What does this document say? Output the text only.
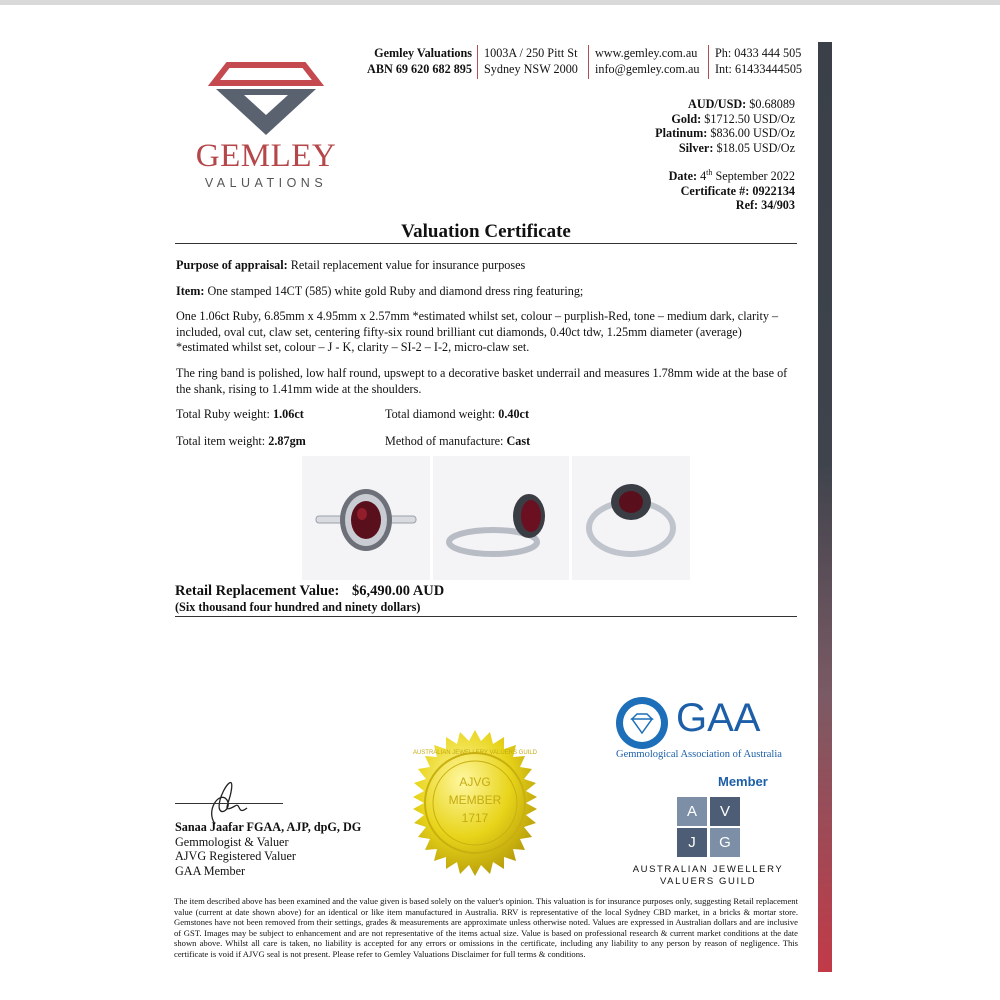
GEMLEY
VALUATIONS
Gemley Valuations
ABN 69 620 682 895
1003A / 250 Pitt St
Sydney NSW 2000
www.gemley.com.au
info@gemley.com.au
Ph: 0433 444 505
Int: 61433444505
AUD/USD: $0.68089
Gold: $1712.50 USD/Oz
Platinum: $836.00 USD/Oz
Silver: $18.05 USD/Oz
Date: 4th September 2022
Certificate #: 0922134
Ref: 34/903
Valuation Certificate
Purpose of appraisal: Retail replacement value for insurance purposes
Item: One stamped 14CT (585) white gold Ruby and diamond dress ring featuring;
One 1.06ct Ruby, 6.85mm x 4.95mm x 2.57mm *estimated whilst set, colour – purplish-Red, tone – medium dark, clarity – included, oval cut, claw set, centering fifty-six round brilliant cut diamonds, 0.40ct tdw, 1.25mm diameter (average) *estimated whilst set, colour – J - K, clarity – SI-2 – I-2, micro-claw set.
The ring band is polished, low half round, upswept to a decorative basket underrail and measures 1.78mm wide at the base of the shank, rising to 1.41mm wide at the shoulders.
Total Ruby weight: 1.06ct	Total diamond weight: 0.40ct
Total item weight: 2.87gm	Method of manufacture: Cast
Retail Replacement Value: $6,490.00 AUD
(Six thousand four hundred and ninety dollars)
AJVG
MEMBER
1717
AUSTRALIAN JEWELLERY VALUERS GUILD
GAA
Gemmological Association of Australia
Member
A	V
J	G
AUSTRALIAN JEWELLERY
VALUERS GUILD
Sanaa Jaafar FGAA, AJP, dpG, DG
Gemmologist & Valuer
AJVG Registered Valuer
GAA Member
The item described above has been examined and the value given is based solely on the valuer's opinion. This valuation is for insurance purposes only, suggesting Retail replacement value (current at date shown above) for an identical or like item manufactured in Australia. RRV is representative of the local Sydney CBD market, in a bricks & mortar store. Gemstones have not been removed from their settings, grades & measurements are approximate unless otherwise noted. Values are expressed in Australian dollars and are inclusive of GST. Images may be subject to enhancement and are not representative of the items actual size. Value is based on professional research & current market conditions at the date shown above. Whilst all care is taken, no liability is accepted for any errors or omissions in the certificate, including any liability to any person by reason of negligence. This certificate is void if AJVG seal is not present. Please refer to Gemley Valuations Disclaimer for full terms & conditions.
